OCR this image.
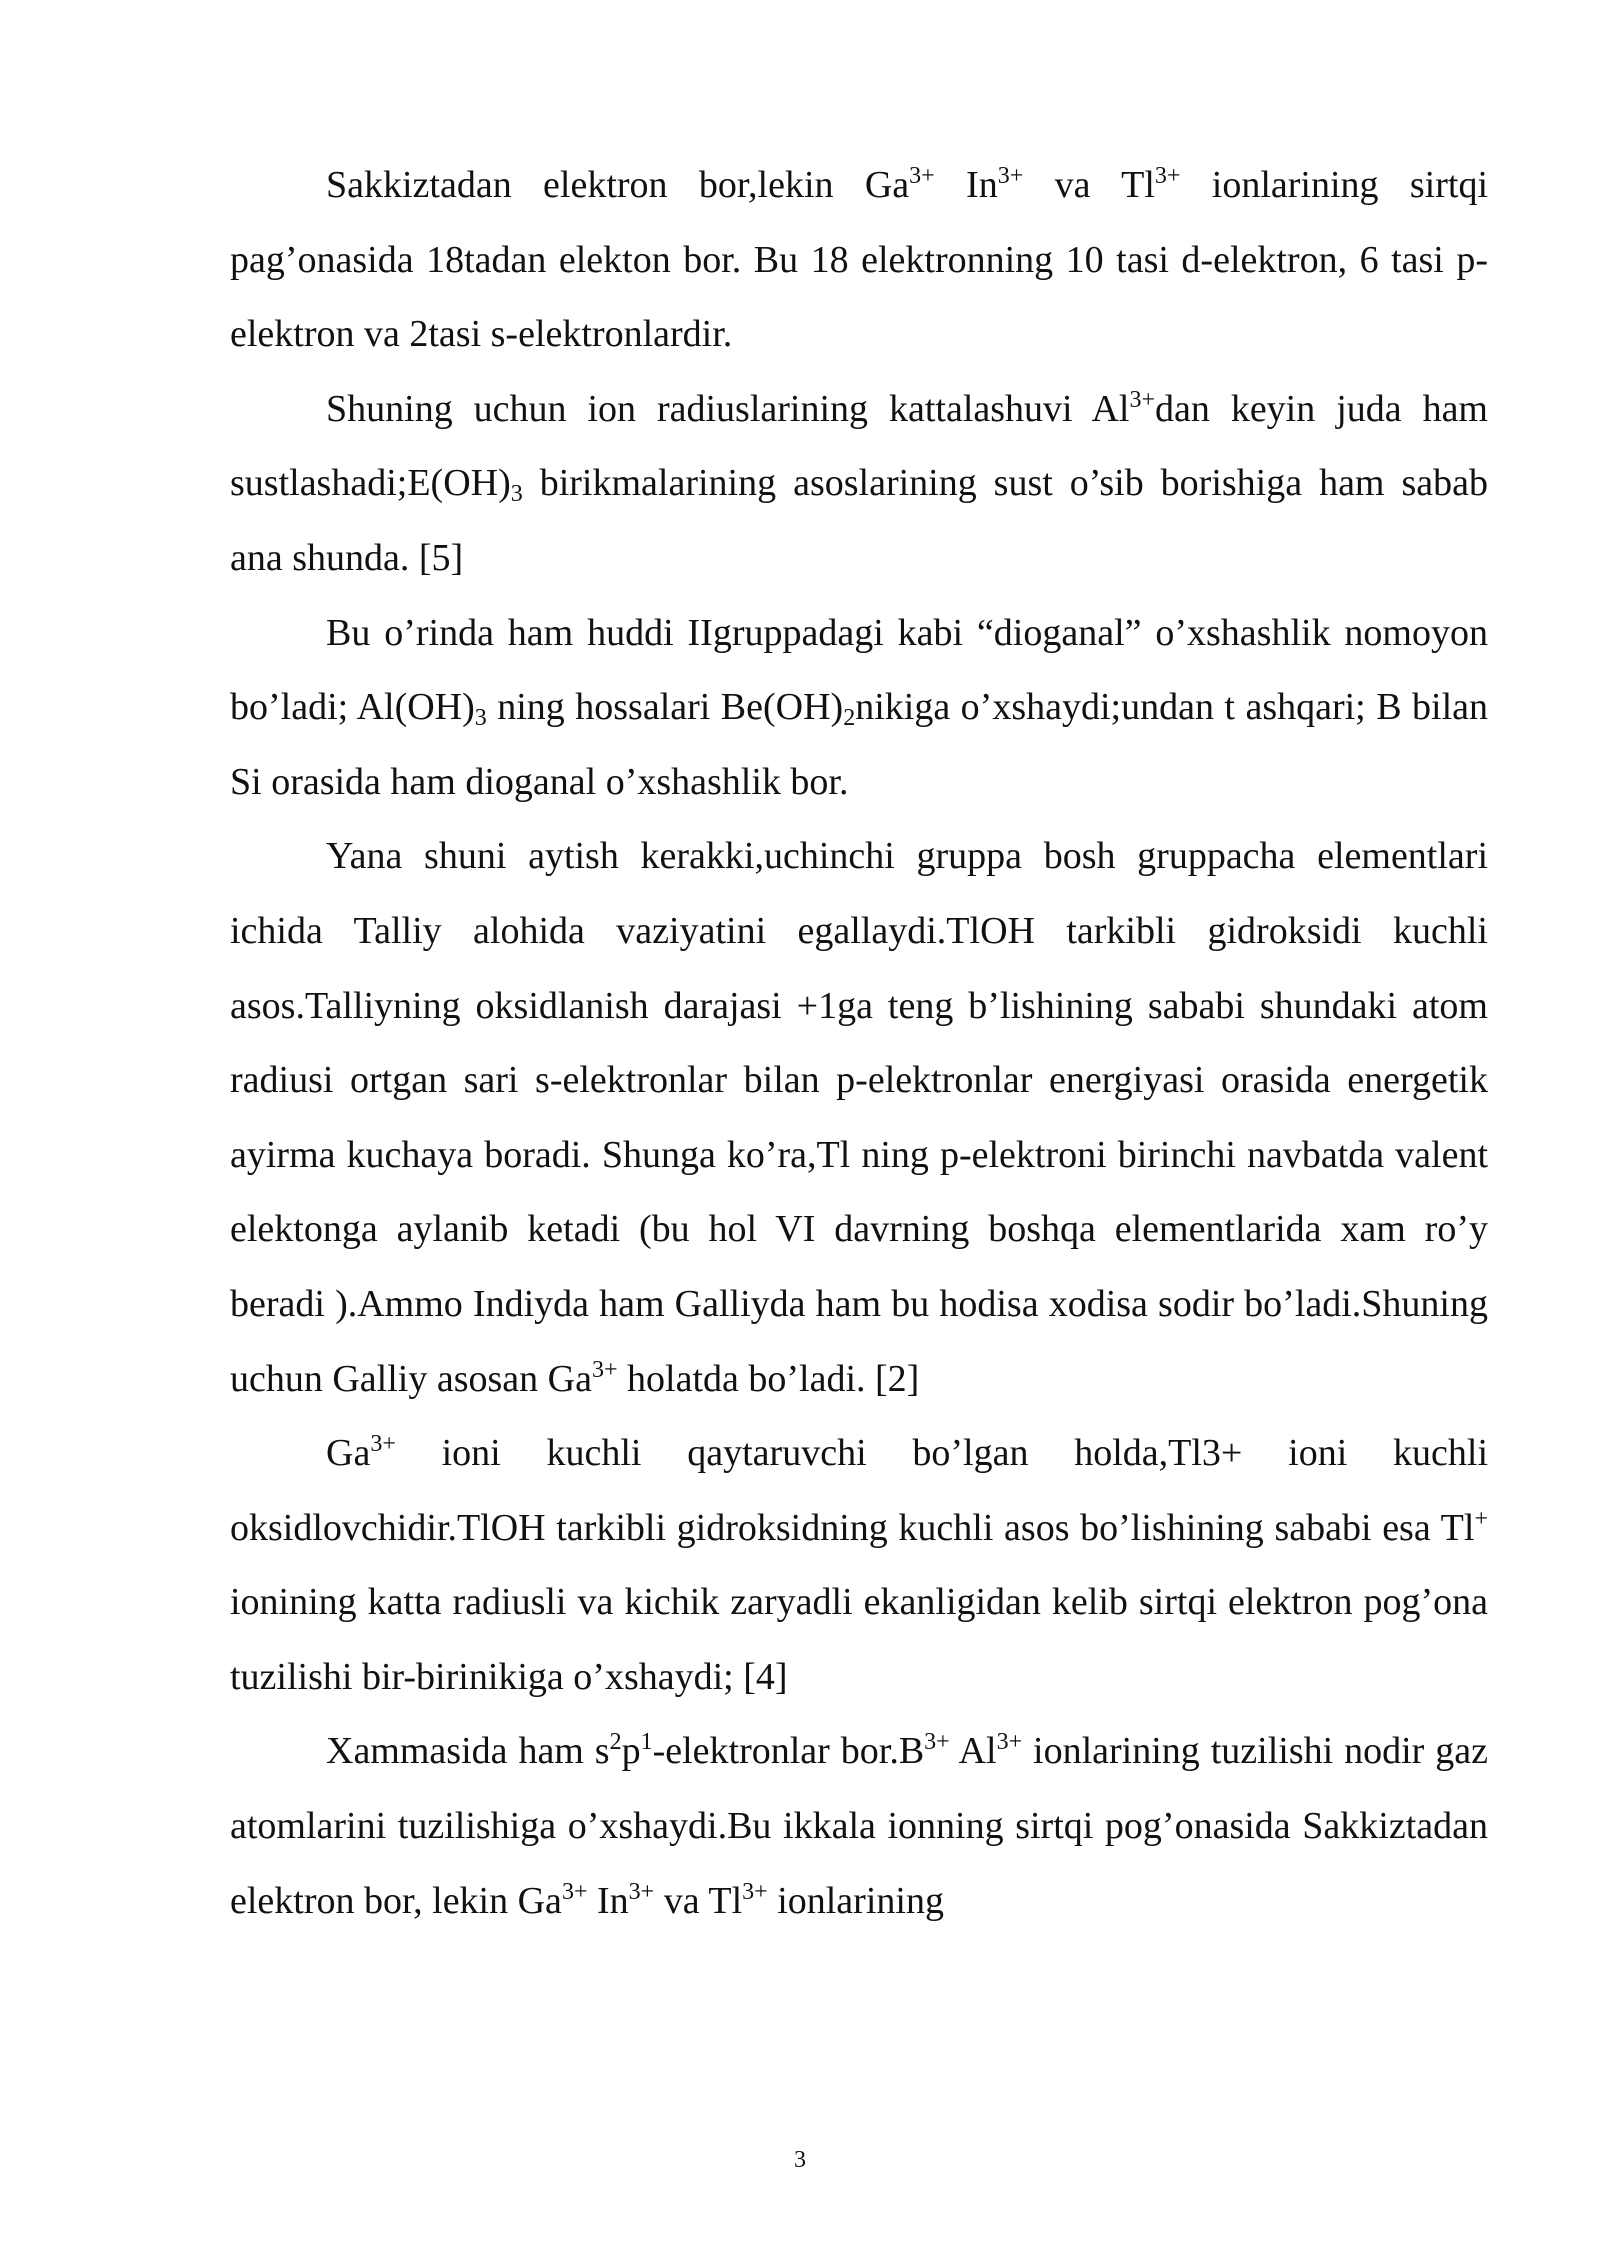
Sakkiztadan elektron bor,lekin $Ga^{3+}$ $In^{3+}$ va $Tl^{3+}$ ionlarining sirtqi pag’onasida 18tadan elekton bor. Bu 18 elektronning 10 tasi d-elektron, 6 tasi p-elektron va 2tasi s-elektronlardir.

Shuning uchun ion radiuslarining kattalashuvi $Al^{3+}dan$ keyin juda ham $sustlashadi;E(OH)_3$ birikmalarining asoslarining sust o’sib borishiga ham sabab ana shunda. [5]

Bu o’rinda ham huddi IIgruppadagi kabi “dioganal” o’xshashlik nomoyon bo’ladi; $Al(OH)_3$ ning hossalari $Be(OH)_2nikiga$ o’xshaydi;undan t ashqari; B bilan Si orasida ham dioganal o’xshashlik bor.

Yana shuni aytish kerakki,uchinchi gruppa bosh gruppacha elementlari ichida Talliy alohida vaziyatini egallaydi.TlOH tarkibli gidroksidi kuchli asos.Talliyning oksidlanish darajasi +1ga teng b’lishining sababi shundaki atom radiusi ortgan sari s-elektronlar bilan p-elektronlar energiyasi orasida energetik ayirma kuchaya boradi. Shunga ko’ra,Tl ning p-elektroni birinchi navbatda valent elektonga aylanib ketadi (bu hol VI davrning boshqa elementlarida xam ro’y beradi ).Ammo Indiyda ham Galliyda ham bu hodisa xodisa sodir bo’ladi.Shuning uchun Galliy asosan $Ga^{3+}$ holatda bo’ladi. [2]

$Ga^{3+}$ ioni kuchli qaytaruvchi bo’lgan holda,Tl3+ ioni kuchli oksidlovchidir.TlOH tarkibli gidroksidning kuchli asos bo’lishining sababi esa Tl+ ionining katta radiusli va kichik zaryadli ekanligidan kelib sirtqi elektron pog’ona tuzilishi bir-birinikiga o’xshaydi; [4]

Xammasida ham $s^2p^1$-elektronlar $bor.B^{3+}$ $Al^{3+}$ ionlarining tuzilishi nodir gaz atomlarini tuzilishiga o’xshaydi.Bu ikkala ionning sirtqi pog’onasida Sakkiztadan elektron bor, lekin $Ga^{3+}$ $In^{3+}$ va $Tl^{3+}$ ionlarining

3
